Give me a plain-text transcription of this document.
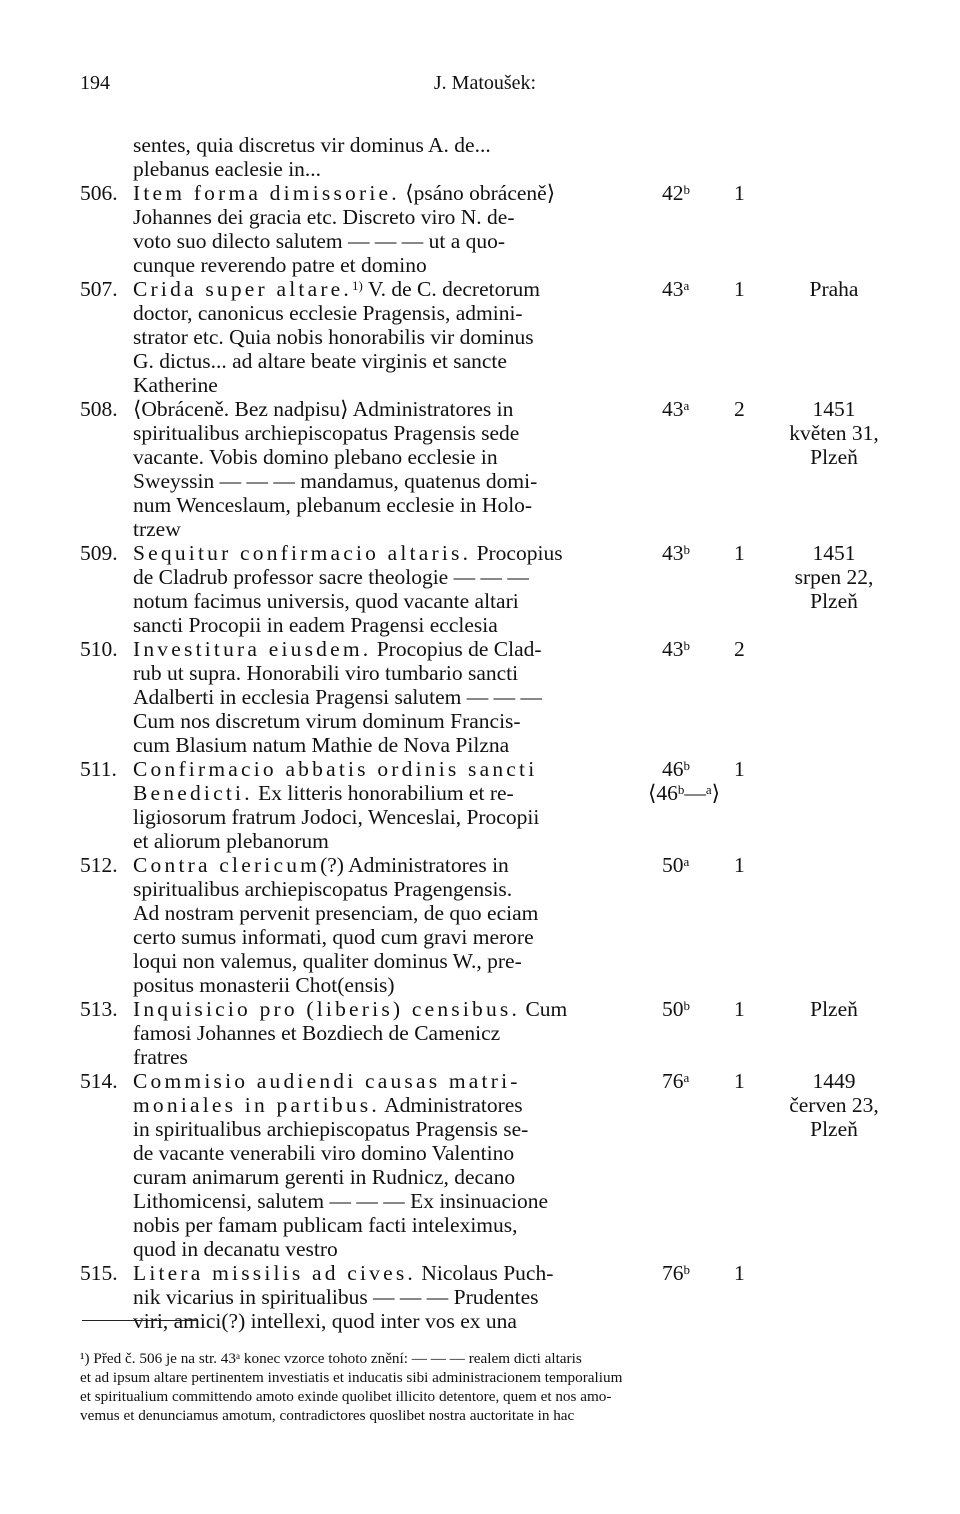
194	J. Matoušek:
sentes, quia discretus vir dominus A. de...
plebanus eaclesie in...
506. Item forma dimissorie. ⟨psáno obráceně⟩	42$^b$ 1
Johannes dei gracia etc. Discreto viro N. de-
voto suo dilecto salutem — — — ut a quo-
cunque reverendo patre et domino
507. Crida super altare.$^{1)}$ V. de C. decretorum	43$^a$ 1	Praha
doctor, canonicus ecclesie Pragensis, admini-
strator etc. Quia nobis honorabilis vir dominus
G. dictus... ad altare beate virginis et sancte
Katherine
508. ⟨Obráceně. Bez nadpisu⟩ Administratores in	43$^a$ 2	1451
spiritualibus archiepiscopatus Pragensis sede	květen 31,
vacante. Vobis domino plebano ecclesie in	Plzeň
Sweyssin — — — mandamus, quatenus domi-
num Wenceslaum, plebanum ecclesie in Holo-
trzew
509. Sequitur confirmacio altaris. Procopius	43$^b$ 1	1451
de Cladrub professor sacre theologie — — —	srpen 22,
notum facimus universis, quod vacante altari	Plzeň
sancti Procopii in eadem Pragensi ecclesia
510. Investitura eiusdem. Procopius de Clad-	43$^b$ 2
rub ut supra. Honorabili viro tumbario sancti
Adalberti in ecclesia Pragensi salutem — — —
Cum nos discretum virum dominum Francis-
cum Blasium natum Mathie de Nova Pilzna
511. Confirmacio abbatis ordinis sancti	46$^b$ 1
Benedicti. Ex litteris honorabilium et re-	⟨46$^b$—$^a$⟩
ligiosorum fratrum Jodoci, Wenceslai, Procopii
et aliorum plebanorum
512. Contra clericum(?) Administratores in	50$^a$ 1
spiritualibus archiepiscopatus Pragengensis.
Ad nostram pervenit presenciam, de quo eciam
certo sumus informati, quod cum gravi merore
loqui non valemus, qualiter dominus W., pre-
positus monasterii Chot(ensis)
513. Inquisicio pro (liberis) censibus. Cum	50$^b$ 1	Plzeň
famosi Johannes et Bozdiech de Camenicz
fratres
514. Commisio audiendi causas matri-	76$^a$ 1	1449
moniales in partibus. Administratores	červen 23,
in spiritualibus archiepiscopatus Pragensis se-	Plzeň
de vacante venerabili viro domino Valentino
curam animarum gerenti in Rudnicz, decano
Lithomicensi, salutem — — — Ex insinuacione
nobis per famam publicam facti inteleximus,
quod in decanatu vestro
515. Litera missilis ad cives. Nicolaus Puch-	76$^b$ 1
nik vicarius in spiritualibus — — — Prudentes
viri, amici(?) intellexi, quod inter vos ex una
¹) Před č. 506 je na str. 43ᵃ konec vzorce tohoto znění: — — — realem dicti altaris
et ad ipsum altare pertinentem investiatis et inducatis sibi administracionem temporalium
et spiritualium committendo amoto exinde quolibet illicito detentore, quem et nos amo-
vemus et denunciamus amotum, contradictores quoslibet nostra auctoritate in hac
